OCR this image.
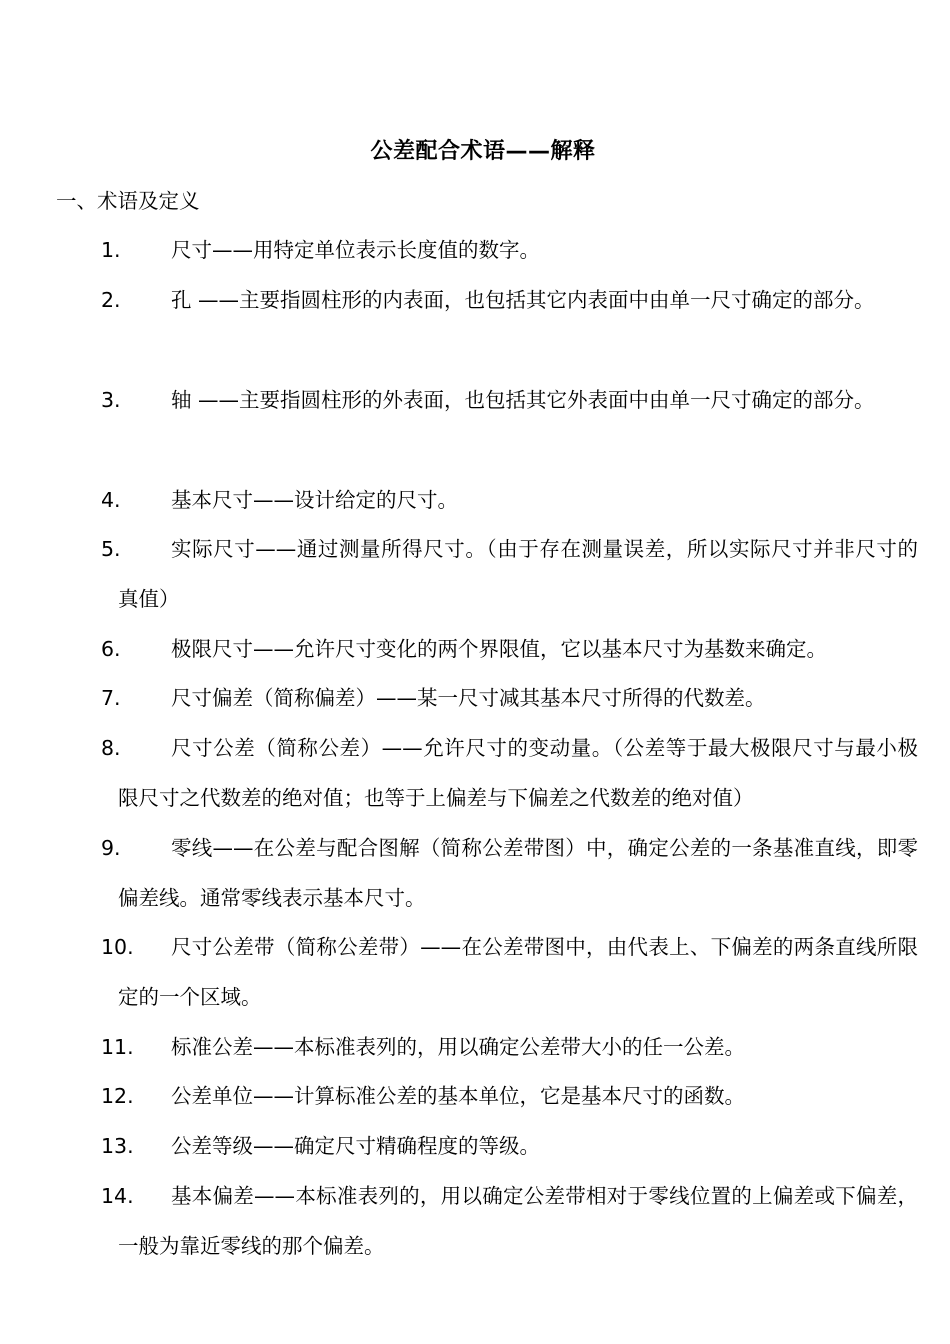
公差配合术语——解释
一、术语及定义
1.	尺寸——用特定单位表示长度值的数字。
2.	孔 ——主要指圆柱形的内表面，也包括其它内表面中由单一尺寸确定的部分。
3.	轴 ——主要指圆柱形的外表面，也包括其它外表面中由单一尺寸确定的部分。
4.	基本尺寸——设计给定的尺寸。
5.	实际尺寸——通过测量所得尺寸。（由于存在测量误差，所以实际尺寸并非尺寸的真值）
6.	极限尺寸——允许尺寸变化的两个界限值，它以基本尺寸为基数来确定。
7.	尺寸偏差（简称偏差）——某一尺寸减其基本尺寸所得的代数差。
8.	尺寸公差（简称公差）——允许尺寸的变动量。（公差等于最大极限尺寸与最小极限尺寸之代数差的绝对值；也等于上偏差与下偏差之代数差的绝对值）
9.	零线——在公差与配合图解（简称公差带图）中，确定公差的一条基准直线，即零偏差线。通常零线表示基本尺寸。
10.	尺寸公差带（简称公差带）——在公差带图中，由代表上、下偏差的两条直线所限定的一个区域。
11.	标准公差——本标准表列的，用以确定公差带大小的任一公差。
12.	公差单位——计算标准公差的基本单位，它是基本尺寸的函数。
13.	公差等级——确定尺寸精确程度的等级。
14.	基本偏差——本标准表列的，用以确定公差带相对于零线位置的上偏差或下偏差，一般为靠近零线的那个偏差。
